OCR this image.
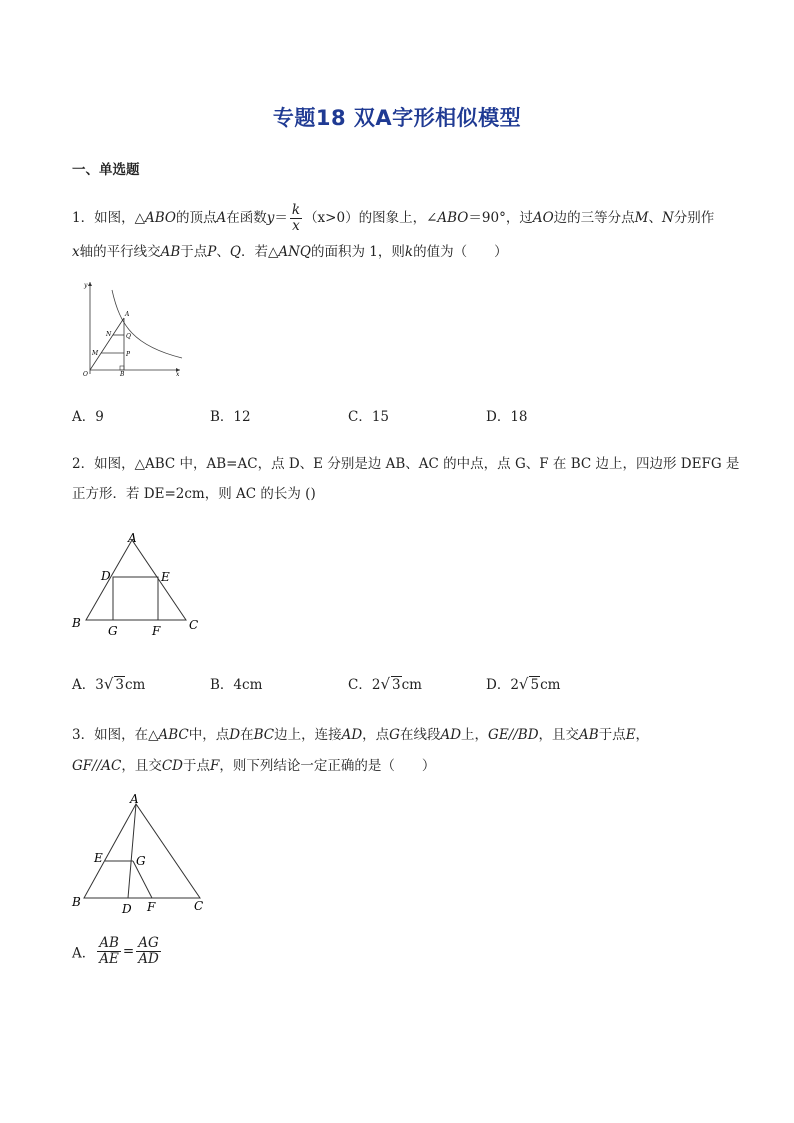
专题18 双A字形相似模型
一、单选题
1．如图，△ABO的顶点A在函数$y= \frac{k}{x} (x>0)$的图象上，∠ABO＝90°，过AO边的三等分点M、N分别作
x轴的平行线交AB于点P、Q．若△ANQ的面积为 1，则k的值为（　　）
y
x
A
N Q
M	P
O	B
A．9	B．12	C．15	D．18
2．如图，△ABC 中，AB=AC，点 D、E 分别是边 AB、AC 的中点，点 G、F 在 BC 边上，四边形 DEFG 是
正方形．若 DE=2cm，则 AC 的长为 ()
A
D	E
B
G	F C
A．3√ 3cm	B．4cm	C．2√ 3cm	D．2√ 5cm
3．如图，在△ABC中，点D在BC边上，连接AD，点G在线段AD上，GE//BD，且交AB于点E，
GF//AC，且交CD于点F，则下列结论一定正确的是（　　）
A
E	G
B	D F	C
A． $\frac{AB}{AE} = \frac{AG}{AD}$
